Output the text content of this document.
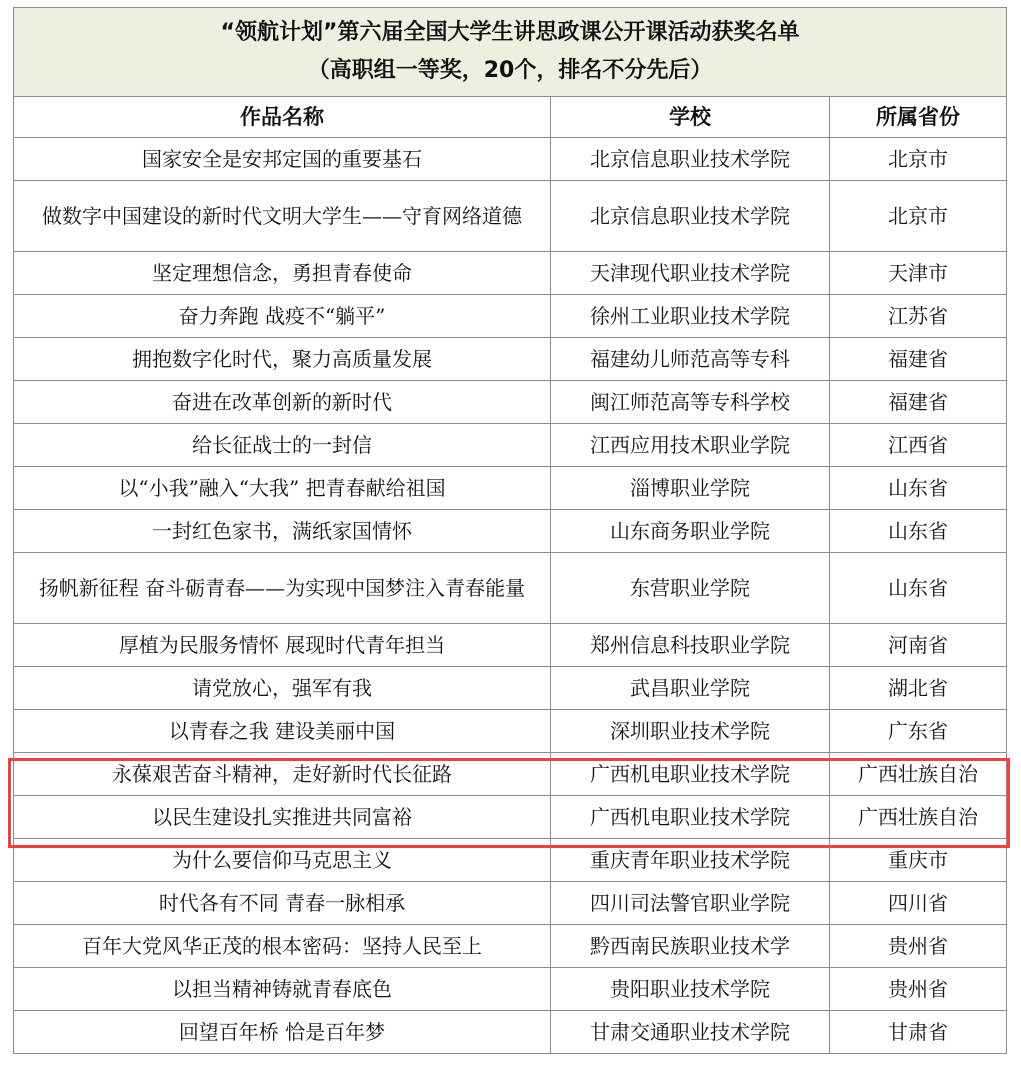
“领航计划”第六届全国大学生讲思政课公开课活动获奖名单
（高职组一等奖，20个，排名不分先后）		

作品名称	学校	所属省份
国家安全是安邦定国的重要基石	北京信息职业技术学院	北京市
做数字中国建设的新时代文明大学生——守育网络道德	北京信息职业技术学院	北京市
坚定理想信念，勇担青春使命	天津现代职业技术学院	天津市
奋力奔跑 战疫不“躺平”	徐州工业职业技术学院	江苏省
拥抱数字化时代，聚力高质量发展	福建幼儿师范高等专科	福建省
奋进在改革创新的新时代	闽江师范高等专科学校	福建省
给长征战士的一封信	江西应用技术职业学院	江西省
以“小我”融入“大我” 把青春献给祖国	淄博职业学院	山东省
一封红色家书，满纸家国情怀	山东商务职业学院	山东省
扬帆新征程 奋斗砺青春——为实现中国梦注入青春能量	东营职业学院	山东省
厚植为民服务情怀 展现时代青年担当	郑州信息科技职业学院	河南省
请党放心，强军有我	武昌职业学院	湖北省
以青春之我 建设美丽中国	深圳职业技术学院	广东省
永葆艰苦奋斗精神，走好新时代长征路	广西机电职业技术学院	广西壮族自治
以民生建设扎实推进共同富裕	广西机电职业技术学院	广西壮族自治
为什么要信仰马克思主义	重庆青年职业技术学院	重庆市
时代各有不同 青春一脉相承	四川司法警官职业学院	四川省
百年大党风华正茂的根本密码：坚持人民至上	黔西南民族职业技术学	贵州省
以担当精神铸就青春底色	贵阳职业技术学院	贵州省
回望百年桥 恰是百年梦	甘肃交通职业技术学院	甘肃省
